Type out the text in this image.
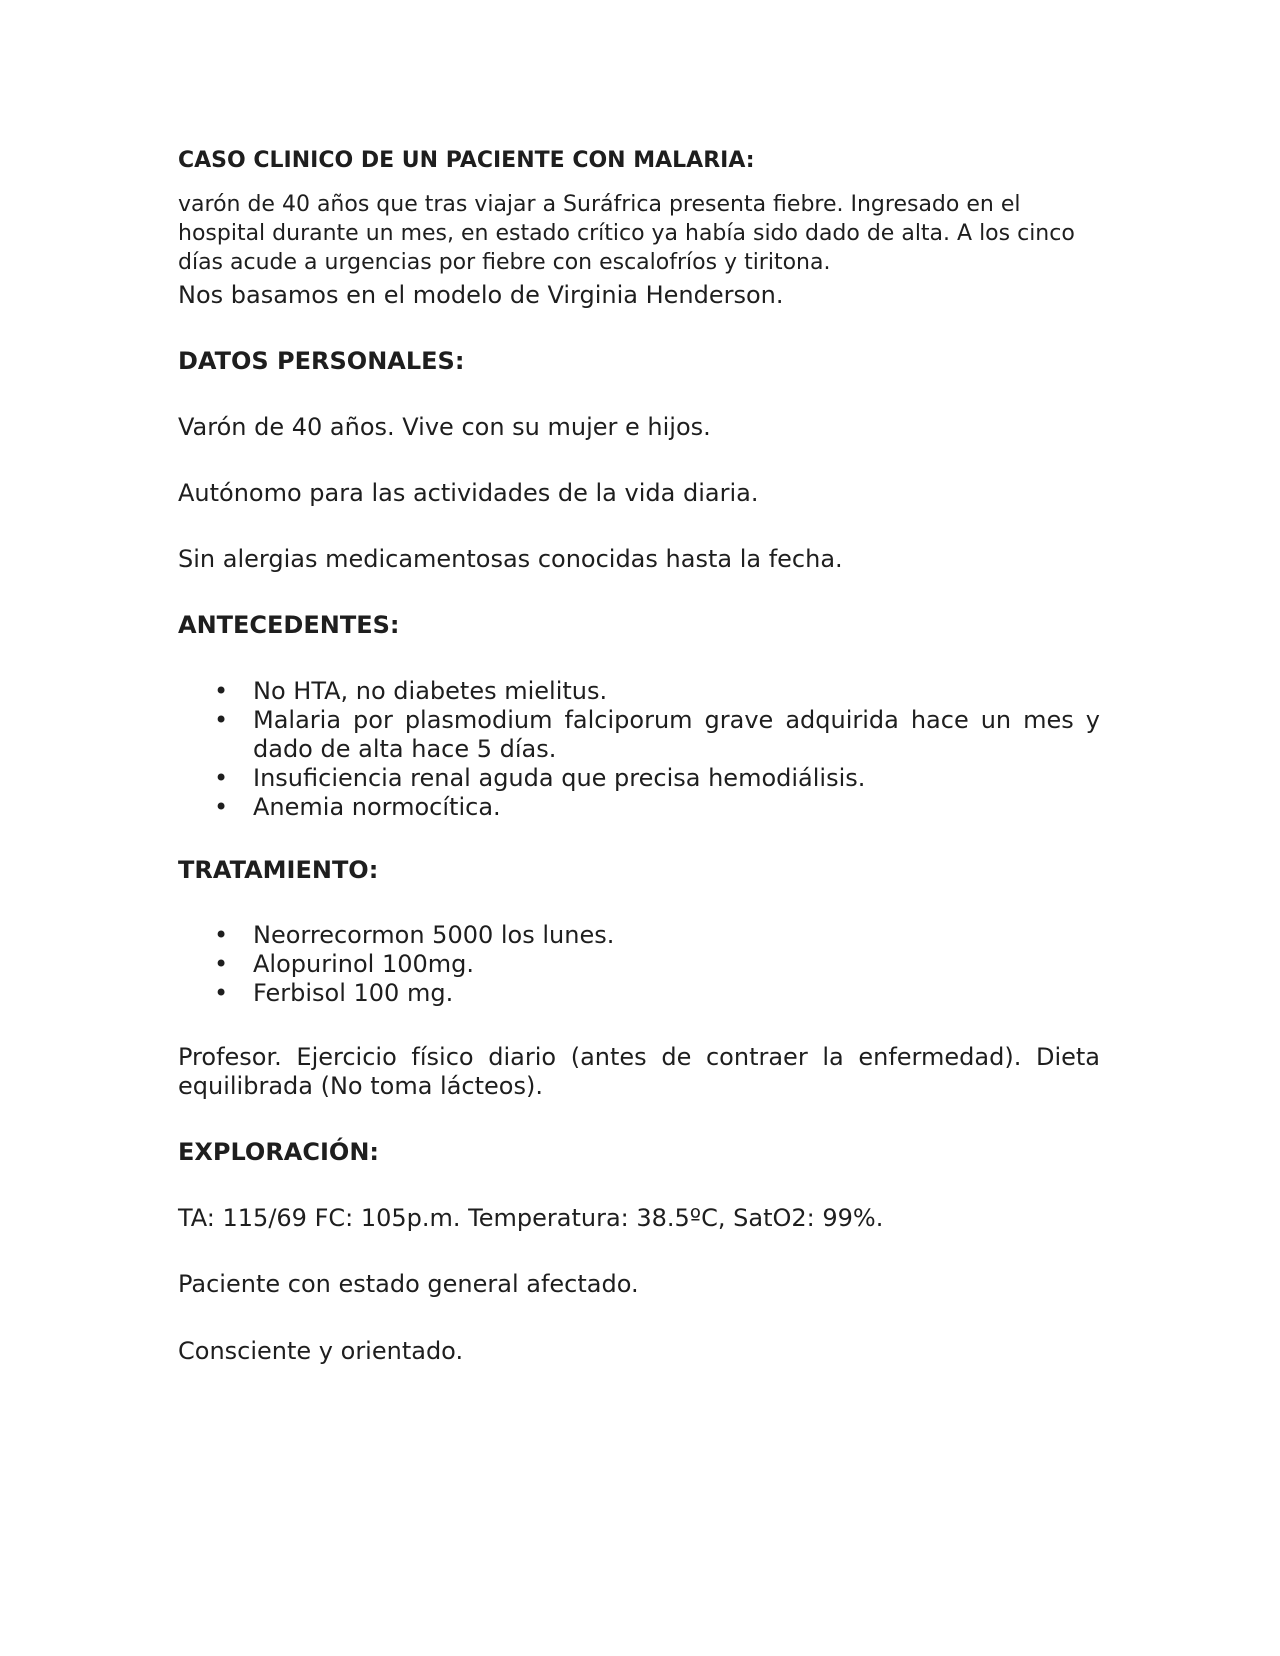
CASO CLINICO DE UN PACIENTE CON MALARIA:
varón de 40 años que tras viajar a Suráfrica presenta fiebre. Ingresado en el hospital durante un mes, en estado crítico ya había sido dado de alta. A los cinco días acude a urgencias por fiebre con escalofríos y tiritona.
Nos basamos en el modelo de Virginia Henderson.
DATOS PERSONALES:
Varón de 40 años. Vive con su mujer e hijos.
Autónomo para las actividades de la vida diaria.
Sin alergias medicamentosas conocidas hasta la fecha.
ANTECEDENTES:
• No HTA, no diabetes mielitus.
• Malaria por plasmodium falciporum grave adquirida hace un mes y dado de alta hace 5 días.
• Insuficiencia renal aguda que precisa hemodiálisis.
• Anemia normocítica.
TRATAMIENTO:
• Neorrecormon 5000 los lunes.
• Alopurinol 100mg.
• Ferbisol 100 mg.
Profesor. Ejercicio físico diario (antes de contraer la enfermedad). Dieta equilibrada (No toma lácteos).
EXPLORACIÓN:
TA: 115/69 FC: 105p.m. Temperatura: 38.5ºC, SatO2: 99%.
Paciente con estado general afectado.
Consciente y orientado.
